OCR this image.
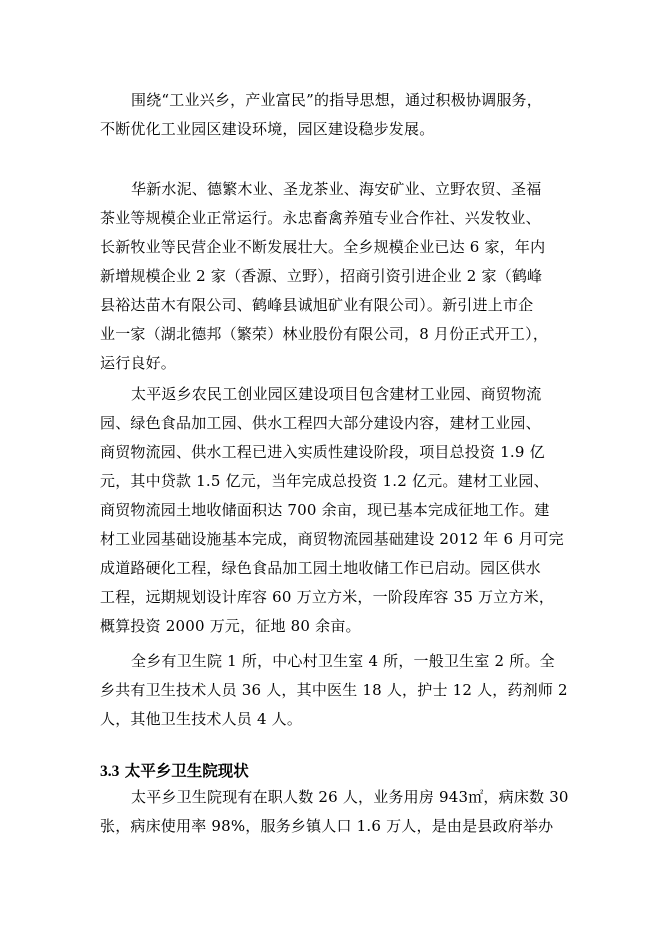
围绕“工业兴乡，产业富民”的指导思想，通过积极协调服务，
不断优化工业园区建设环境，园区建设稳步发展。
华新水泥、德繁木业、圣龙茶业、海安矿业、立野农贸、圣福
茶业等规模企业正常运行。永忠畜禽养殖专业合作社、兴发牧业、
长新牧业等民营企业不断发展壮大。全乡规模企业已达 6 家，年内
新增规模企业 2 家（香源、立野），招商引资引进企业 2 家（鹤峰
县裕达苗木有限公司、鹤峰县诚旭矿业有限公司）。新引进上市企
业一家（湖北德邦（繁荣）林业股份有限公司，8 月份正式开工），
运行良好。
太平返乡农民工创业园区建设项目包含建材工业园、商贸物流
园、绿色食品加工园、供水工程四大部分建设内容，建材工业园、
商贸物流园、供水工程已进入实质性建设阶段，项目总投资 1.9 亿
元，其中贷款 1.5 亿元，当年完成总投资 1.2 亿元。建材工业园、
商贸物流园土地收储面积达 700 余亩，现已基本完成征地工作。建
材工业园基础设施基本完成，商贸物流园基础建设 2012 年 6 月可完
成道路硬化工程，绿色食品加工园土地收储工作已启动。园区供水
工程，远期规划设计库容 60 万立方米，一阶段库容 35 万立方米，
概算投资 2000 万元，征地 80 余亩。
全乡有卫生院 1 所，中心村卫生室 4 所，一般卫生室 2 所。全
乡共有卫生技术人员 36 人，其中医生 18 人，护士 12 人，药剂师 2
人，其他卫生技术人员 4 人。
3.3 太平乡卫生院现状
太平乡卫生院现有在职人数 26 人，业务用房 943㎡，病床数 30
张，病床使用率 98%，服务乡镇人口 1.6 万人，是由是县政府举办
